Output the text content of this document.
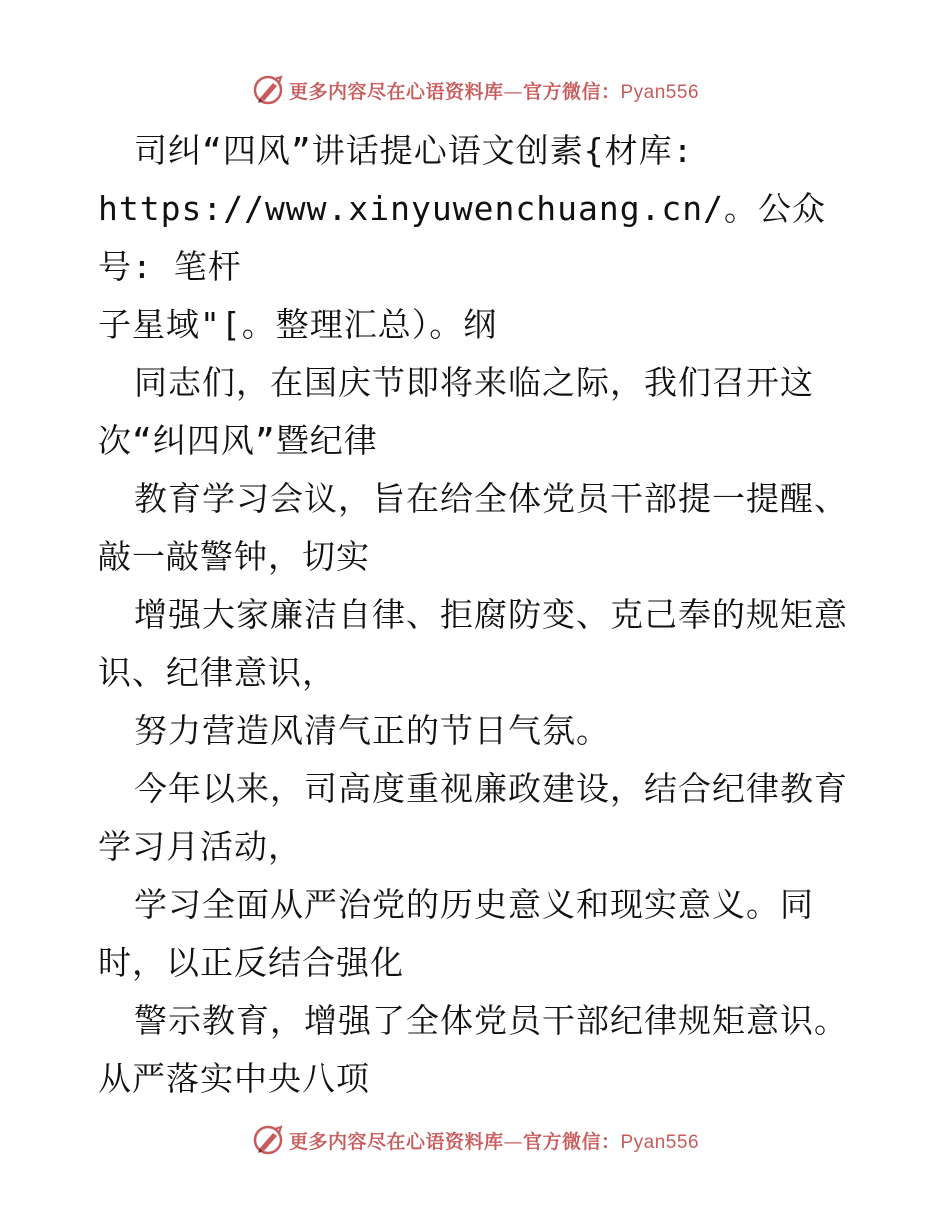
更多内容尽在心语资料库—官方微信：Pyan556

司纠“四风”讲话提心语文创素{材库:

https://www.xinyuwenchuang.cn/。公众号: 笔杆

子星域"[。整理汇总）。纲

同志们，在国庆节即将来临之际，我们召开这

次“纠四风”暨纪律

教育学习会议，旨在给全体党员干部提一提醒、

敲一敲警钟，切实

增强大家廉洁自律、拒腐防变、克己奉的规矩意

识、纪律意识，

努力营造风清气正的节日气氛。

今年以来，司高度重视廉政建设，结合纪律教育

学习月活动，

学习全面从严治党的历史意义和现实意义。同

时，以正反结合强化

警示教育，增强了全体党员干部纪律规矩意识。

从严落实中央八项

更多内容尽在心语资料库—官方微信：Pyan556
